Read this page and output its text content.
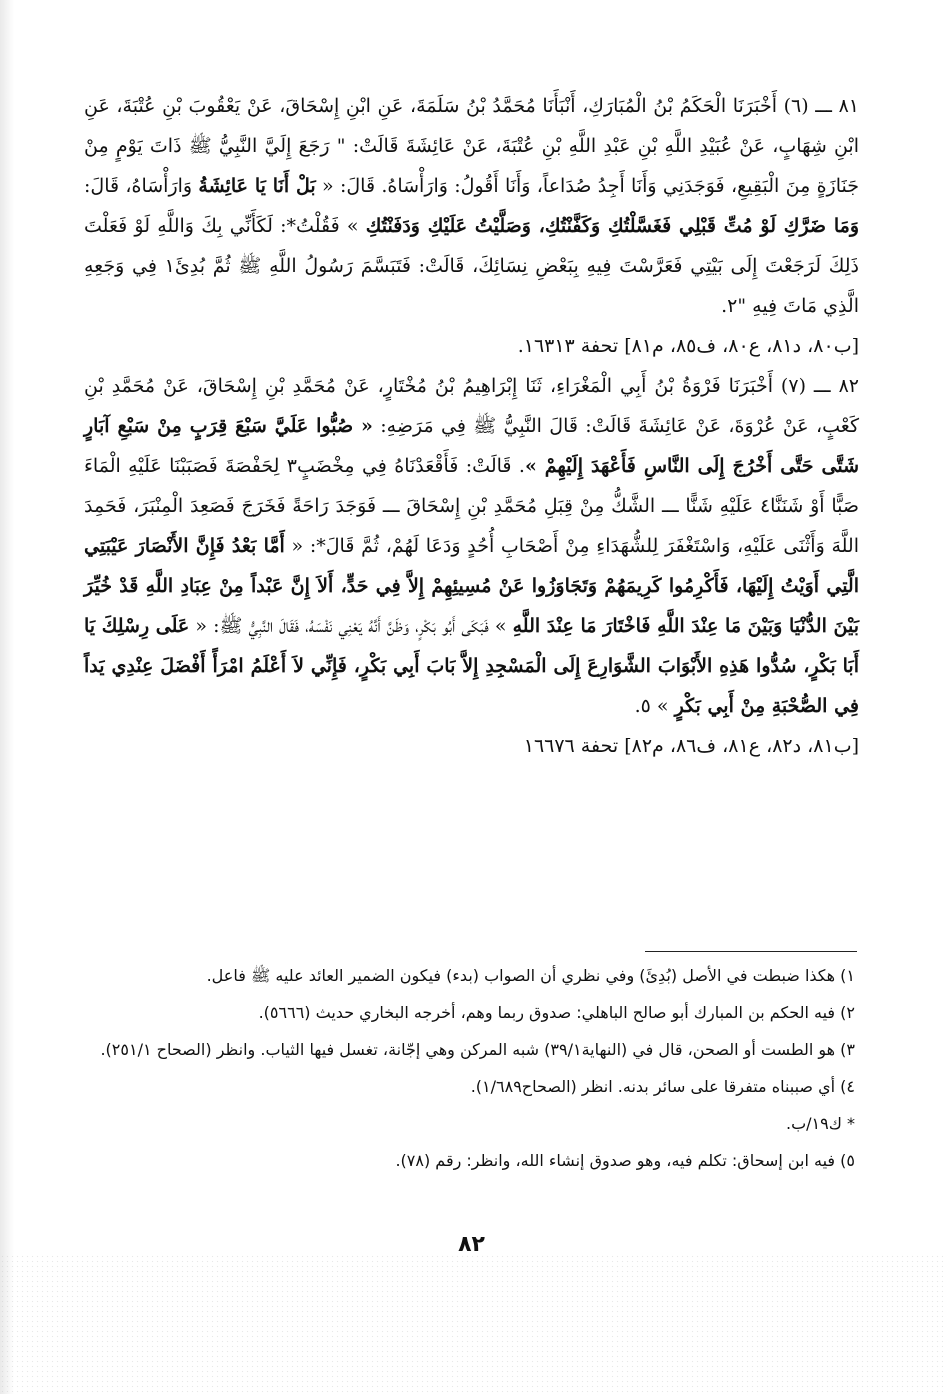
٨١ ـــ (٦) أَخْبَرَنَا الْحَكَمُ بْنُ الْمُبَارَكِ، أَنْبَأَنَا مُحَمَّدُ بْنُ سَلَمَةَ، عَنِ ابْنِ إِسْحَاقَ، عَنْ يَعْقُوبَ بْنِ عُتْبَةَ، عَنِ ابْنِ شِهَابٍ، عَنْ عُبَيْدِ اللَّهِ بْنِ عَبْدِ اللَّهِ بْنِ عُتْبَةَ، عَنْ عَائِشَةَ قَالَتْ: " رَجَعَ إِلَيَّ النَّبِيُّ ﷺ ذَاتَ يَوْمٍ مِنْ جَنَازَةٍ مِنَ الْبَقِيعِ، فَوَجَدَنِي وَأَنَا أَجِدُ صُدَاعاً، وَأَنَا أَقُولُ: وَارَأْسَاهُ. قَالَ: « بَلْ أَنَا يَا عَائِشَةُ وَارَأْسَاهُ، قَالَ: وَمَا ضَرَّكِ لَوْ مُتِّ قَبْلِي فَغَسَّلْتُكِ وَكَفَّنْتُكِ، وَصَلَّيْتُ عَلَيْكِ وَدَفَنْتُكِ » فَقُلْتُ*: لَكَأَنِّي بِكَ وَاللَّهِ لَوْ فَعَلْتَ ذَلِكَ لَرَجَعْتَ إِلَى بَيْتِي فَعَرَّسْتَ فِيهِ بِبَعْضِ نِسَائِكَ، قَالَتْ: فَتَبَسَّمَ رَسُولُ اللَّهِ ﷺ ثُمَّ بُدِئَ١ فِي وَجَعِهِ الَّذِي مَاتَ فِيهِ "٢.

[ب٨٠، د٨١، ع٨٠، ف٨٥، م٨١] تحفة ١٦٣١٣.

٨٢ ـــ (٧) أَخْبَرَنَا فَرْوَةُ بْنُ أَبِي الْمَغْرَاءِ، ثَنَا إِبْرَاهِيمُ بْنُ مُخْتَارٍ، عَنْ مُحَمَّدِ بْنِ إِسْحَاقَ، عَنْ مُحَمَّدِ بْنِ كَعْبٍ، عَنْ عُرْوَةَ، عَنْ عَائِشَةَ قَالَتْ: قَالَ النَّبِيُّ ﷺ فِي مَرَضِهِ: « صُبُّوا عَلَيَّ سَبْعَ قِرَبٍ مِنْ سَبْعِ آبَارٍ شَتَّى حَتَّى أَخْرُجَ إِلَى النَّاسِ فَأَعْهَدَ إِلَيْهِمْ ». قَالَتْ: فَأَقْعَدْنَاهُ فِي مِخْضَبٍ٣ لِحَفْصَةَ فَصَبَبْنَا عَلَيْهِ الْمَاءَ صَبًّا أَوْ شَنَنَّا٤ عَلَيْهِ شَنًّا ـــ الشَّكُّ مِنْ قِبَلِ مُحَمَّدِ بْنِ إِسْحَاقَ ـــ فَوَجَدَ رَاحَةً فَخَرَجَ فَصَعِدَ الْمِنْبَرَ، فَحَمِدَ اللَّهَ وَأَثْنَى عَلَيْهِ، وَاسْتَغْفَرَ لِلشُّهَدَاءِ مِنْ أَصْحَابِ أُحُدٍ وَدَعَا لَهُمْ، ثُمَّ قَالَ*: « أَمَّا بَعْدُ فَإِنَّ الأَنْصَارَ عَيْبَتِي الَّتِي أَوَيْتُ إِلَيْهَا، فَأَكْرِمُوا كَرِيمَهُمْ وَتَجَاوَزُوا عَنْ مُسِيئِهِمْ إِلاَّ فِي حَدٍّ، أَلاَ إِنَّ عَبْداً مِنْ عِبَادِ اللَّهِ قَدْ خُيِّرَ بَيْنَ الدُّنْيَا وَبَيْنَ مَا عِنْدَ اللَّهِ فَاخْتَارَ مَا عِنْدَ اللَّهِ » فَبَكَى أَبُو بَكْرٍ، وَظَنَّ أَنَّهُ يَعْنِي نَفْسَهُ، فَقَالَ النَّبِيُّ ﷺ: « عَلَى رِسْلِكَ يَا أَبَا بَكْرٍ، سُدُّوا هَذِهِ الأَبْوَابَ الشَّوَارِعَ إِلَى الْمَسْجِدِ إِلاَّ بَابَ أَبِي بَكْرٍ، فَإِنِّي لاَ أَعْلَمُ امْرَأً أَفْضَلَ عِنْدِي يَداً فِي الصُّحْبَةِ مِنْ أَبِي بَكْرٍ » ٥.

[ب٨١، د٨٢، ع٨١، ف٨٦، م٨٢] تحفة ١٦٦٧٦

١) هكذا ضبطت في الأصل (بُدِئَ) وفي نظري أن الصواب (بدء) فيكون الضمير العائد عليه ﷺ فاعل.

٢) فيه الحكم بن المبارك أبو صالح الباهلي: صدوق ربما وهم، أخرجه البخاري حديث (٥٦٦٦).

٣) هو الطست أو الصحن، قال في (النهاية٣٩/١) شبه المركن وهي إجّانة، تغسل فيها الثياب. وانظر (الصحاح ٢٥١/١).

٤) أي صببناه متفرقا على سائر بدنه. انظر (الصحاح١/٦٨٩).

* ك١٩/ب.

٥) فيه ابن إسحاق: تكلم فيه، وهو صدوق إنشاء الله، وانظر: رقم (٧٨).

٨٢
